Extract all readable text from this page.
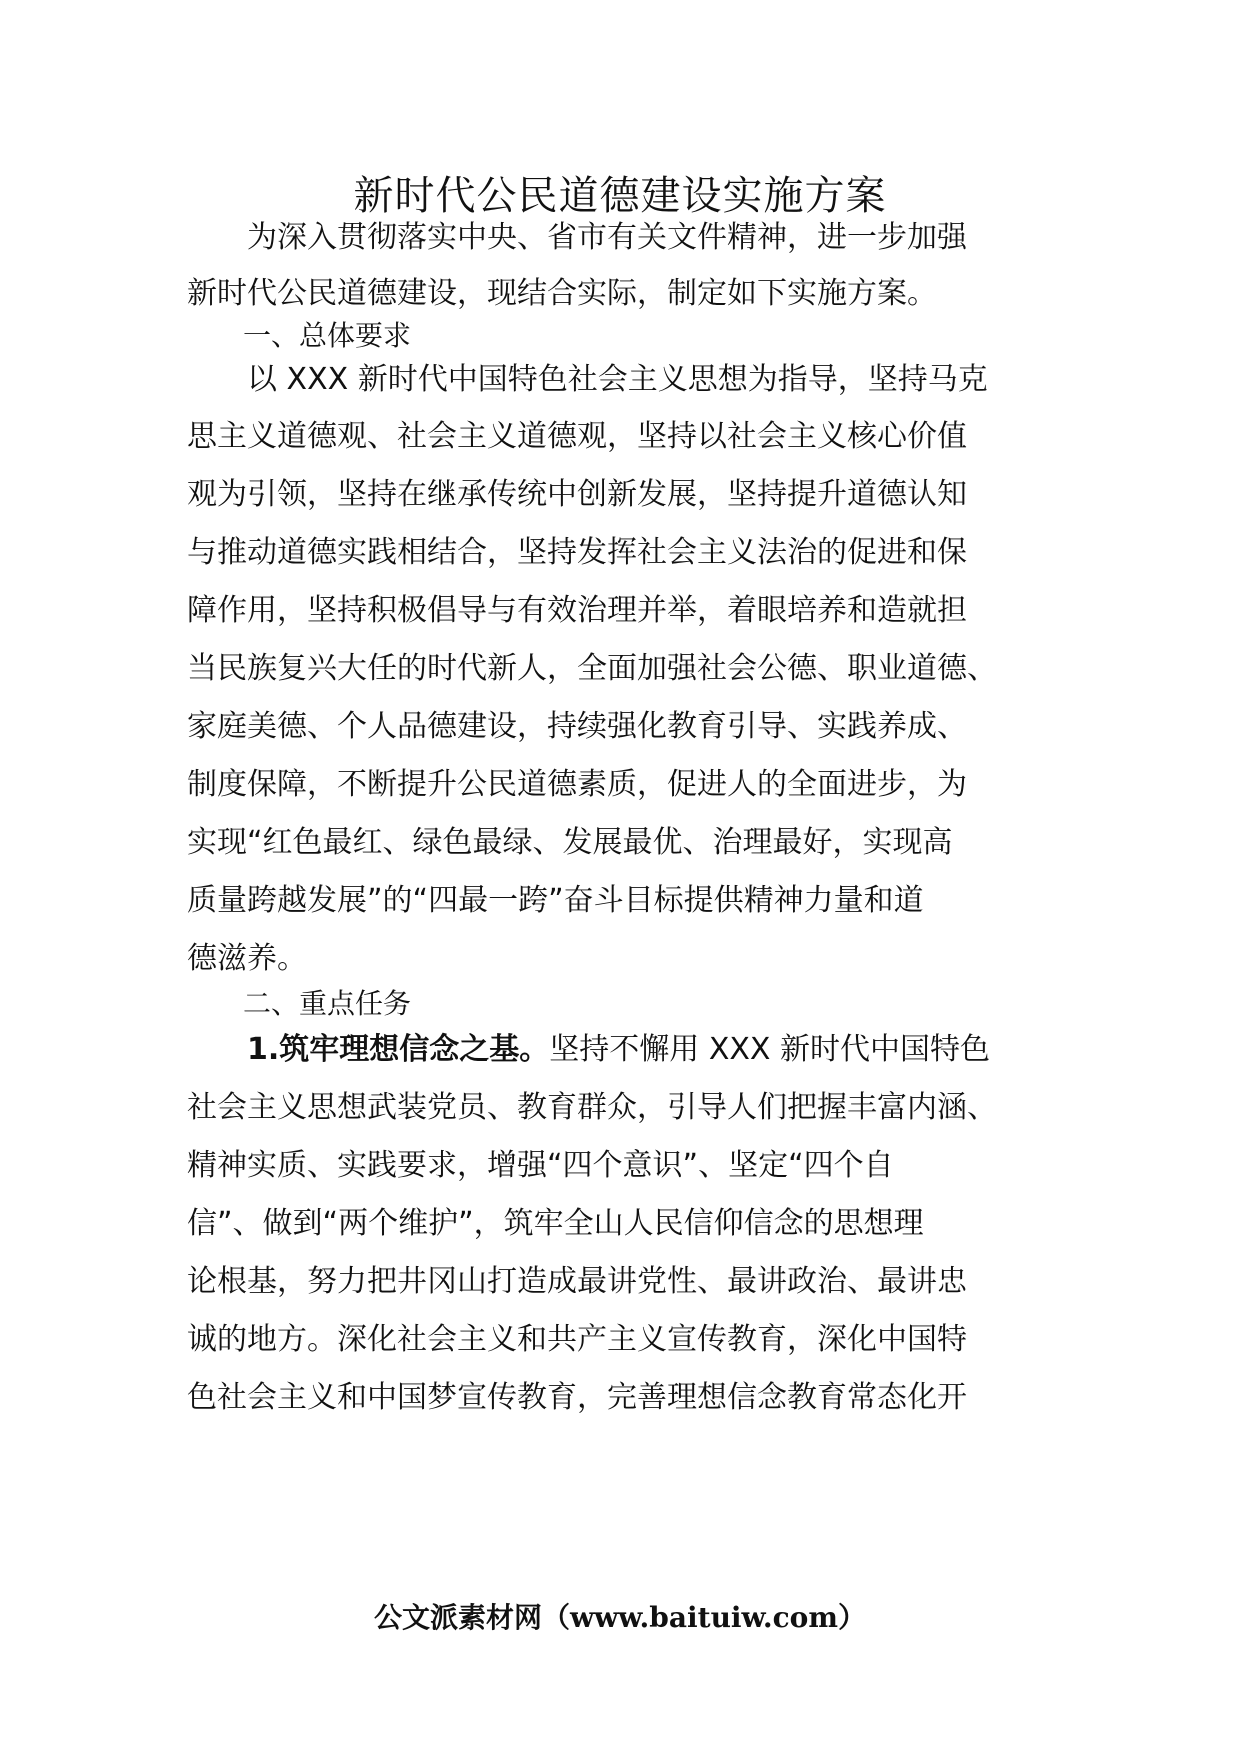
新时代公民道德建设实施方案
　　为深入贯彻落实中央、省市有关文件精神，进一步加强
新时代公民道德建设，现结合实际，制定如下实施方案。
　　一、总体要求
　　以 XXX 新时代中国特色社会主义思想为指导，坚持马克
思主义道德观、社会主义道德观，坚持以社会主义核心价值
观为引领，坚持在继承传统中创新发展，坚持提升道德认知
与推动道德实践相结合，坚持发挥社会主义法治的促进和保
障作用，坚持积极倡导与有效治理并举，着眼培养和造就担
当民族复兴大任的时代新人，全面加强社会公德、职业道德、
家庭美德、个人品德建设，持续强化教育引导、实践养成、
制度保障，不断提升公民道德素质，促进人的全面进步，为
实现“红色最红、绿色最绿、发展最优、治理最好，实现高
质量跨越发展”的“四最一跨”奋斗目标提供精神力量和道
德滋养。
　　二、重点任务
　　1.筑牢理想信念之基。坚持不懈用 XXX 新时代中国特色
社会主义思想武装党员、教育群众，引导人们把握丰富内涵、
精神实质、实践要求，增强“四个意识”、坚定“四个自
信”、做到“两个维护”，筑牢全山人民信仰信念的思想理
论根基，努力把井冈山打造成最讲党性、最讲政治、最讲忠
诚的地方。深化社会主义和共产主义宣传教育，深化中国特
色社会主义和中国梦宣传教育，完善理想信念教育常态化开
公文派素材网（www.baituiw.com）
